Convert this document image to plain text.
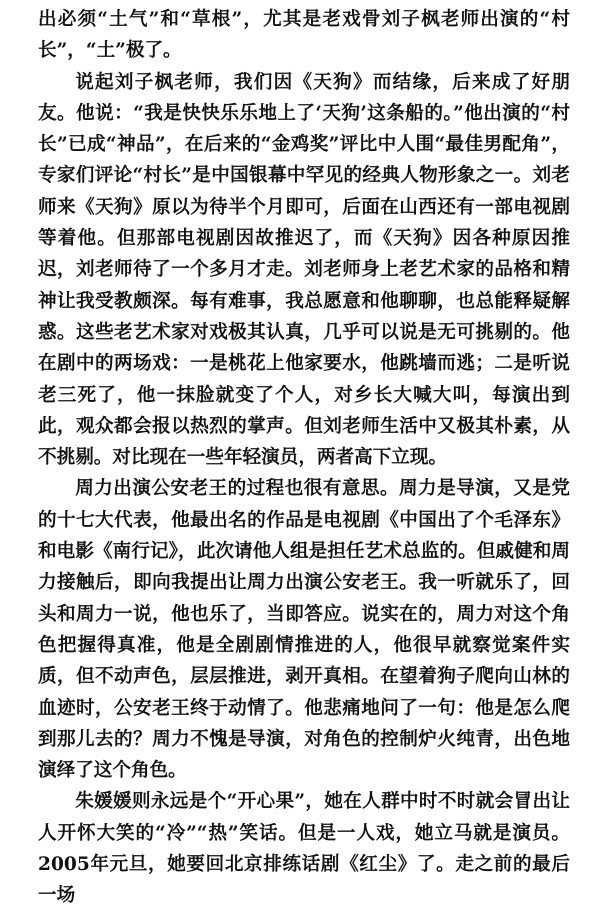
出必须“土气”和“草根”，尤其是老戏骨刘子枫老师出演的“村长”，“土”极了。

说起刘子枫老师，我们因《天狗》而结缘，后来成了好朋友。他说：“我是快快乐乐地上了‘天狗’这条船的。”他出演的“村长”已成“神品”，在后来的“金鸡奖”评比中人围“最佳男配角”，专家们评论“村长”是中国银幕中罕见的经典人物形象之一。刘老师来《天狗》原以为待半个月即可，后面在山西还有一部电视剧等着他。但那部电视剧因故推迟了，而《天狗》因各种原因推迟，刘老师待了一个多月才走。刘老师身上老艺术家的品格和精神让我受教颇深。每有难事，我总愿意和他聊聊，也总能释疑解惑。这些老艺术家对戏极其认真，几乎可以说是无可挑剔的。他在剧中的两场戏：一是桃花上他家要水，他跳墙而逃；二是听说老三死了，他一抹脸就变了个人，对乡长大喊大叫，每演出到此，观众都会报以热烈的掌声。但刘老师生活中又极其朴素，从不挑剔。对比现在一些年轻演员，两者高下立现。

周力出演公安老王的过程也很有意思。周力是导演，又是党的十七大代表，他最出名的作品是电视剧《中国出了个毛泽东》和电影《南行记》，此次请他人组是担任艺术总监的。但戚健和周力接触后，即向我提出让周力出演公安老王。我一听就乐了，回头和周力一说，他也乐了，当即答应。说实在的，周力对这个角色把握得真准，他是全剧剧情推进的人，他很早就察觉案件实质，但不动声色，层层推进，剥开真相。在望着狗子爬向山林的血迹时，公安老王终于动情了。他悲痛地问了一句：他是怎么爬到那儿去的？周力不愧是导演，对角色的控制炉火纯青，出色地演绎了这个角色。

朱媛媛则永远是个“开心果”，她在人群中时不时就会冒出让人开怀大笑的“冷”“热”笑话。但是一人戏，她立马就是演员。2005年元旦，她要回北京排练话剧《红尘》了。走之前的最后一场
